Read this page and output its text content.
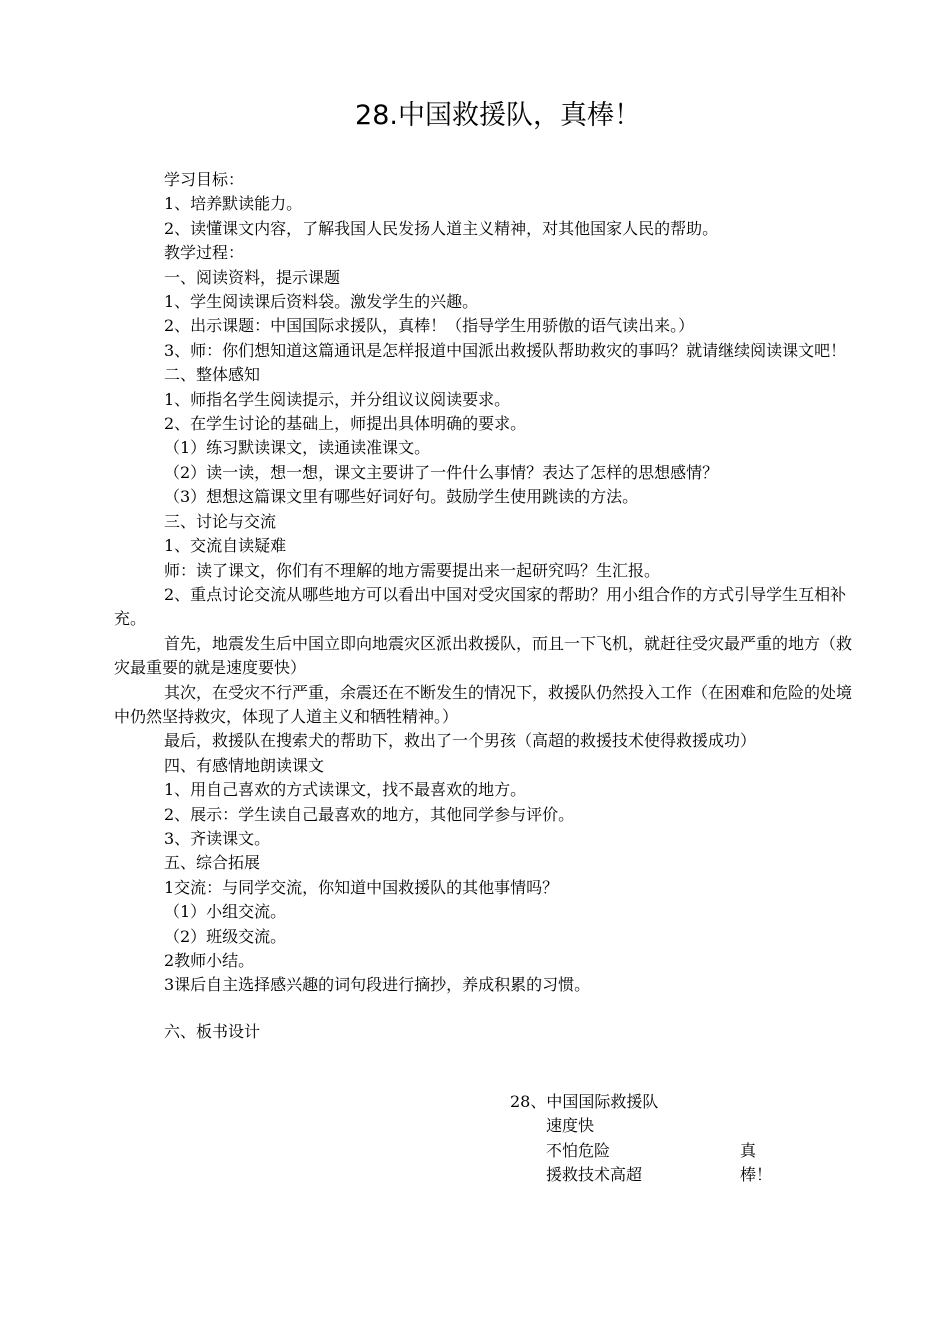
28.中国救援队，真棒！

学习目标：

1、培养默读能力。

2、读懂课文内容，了解我国人民发扬人道主义精神，对其他国家人民的帮助。

教学过程：

一、阅读资料，提示课题

1、学生阅读课后资料袋。激发学生的兴趣。

2、出示课题：中国国际求援队，真棒！（指导学生用骄傲的语气读出来。）

3、师：你们想知道这篇通讯是怎样报道中国派出救援队帮助救灾的事吗？就请继续阅读课文吧！

二、整体感知

1、师指名学生阅读提示，并分组议议阅读要求。

2、在学生讨论的基础上，师提出具体明确的要求。

（1）练习默读课文，读通读准课文。

（2）读一读，想一想，课文主要讲了一件什么事情？表达了怎样的思想感情？

（3）想想这篇课文里有哪些好词好句。鼓励学生使用跳读的方法。

三、讨论与交流

1、交流自读疑难

师：读了课文，你们有不理解的地方需要提出来一起研究吗？生汇报。

2、重点讨论交流从哪些地方可以看出中国对受灾国家的帮助？用小组合作的方式引导学生互相补充。

首先，地震发生后中国立即向地震灾区派出救援队，而且一下飞机，就赶往受灾最严重的地方（救灾最重要的就是速度要快）

其次，在受灾不行严重，余震还在不断发生的情况下，救援队仍然投入工作（在困难和危险的处境中仍然坚持救灾，体现了人道主义和牺牲精神。）

最后，救援队在搜索犬的帮助下，救出了一个男孩（高超的救援技术使得救援成功）

四、有感情地朗读课文

1、用自己喜欢的方式读课文，找不最喜欢的地方。

2、展示：学生读自己最喜欢的地方，其他同学参与评价。

3、齐读课文。

五、综合拓展

1交流：与同学交流，你知道中国救援队的其他事情吗？

（1）小组交流。

（2）班级交流。

2教师小结。

3课后自主选择感兴趣的词句段进行摘抄，养成积累的习惯。

六、板书设计

28、中国国际救援队
速度快
不怕危险
援救技术高超
真棒！
